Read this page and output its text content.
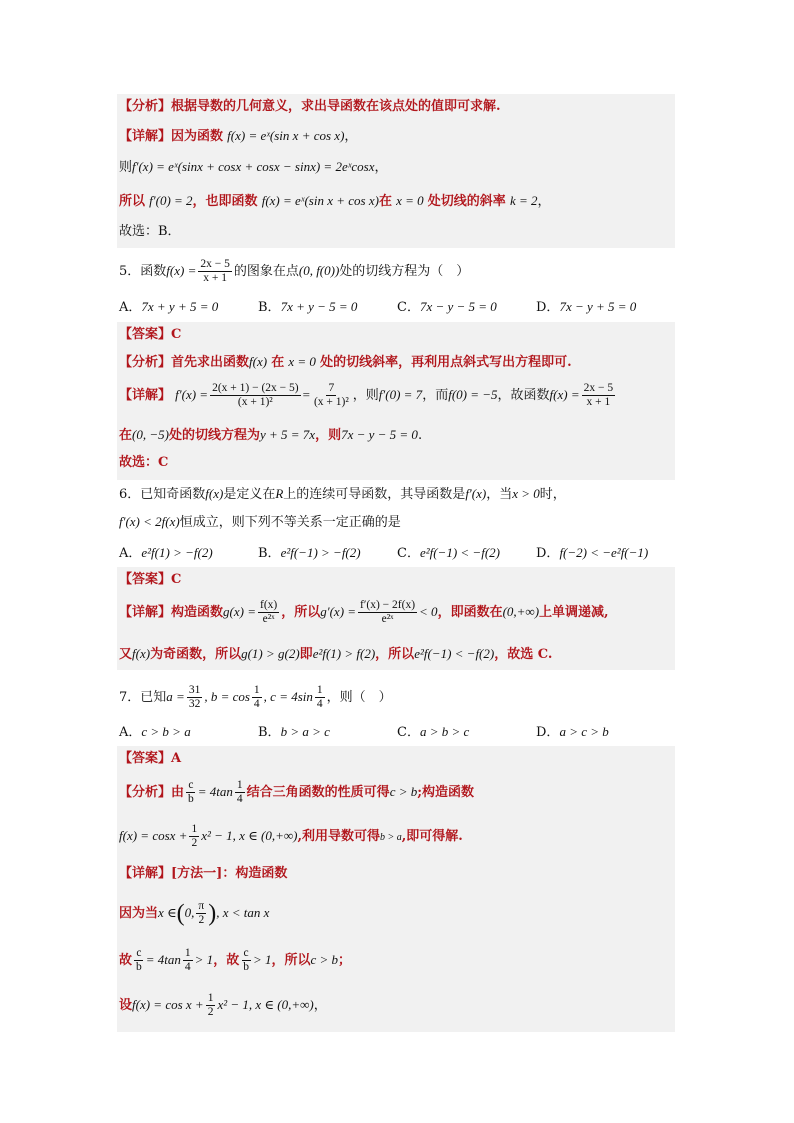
【分析】根据导数的几何意义，求出导函数在该点处的值即可求解.
【详解】因为函数 f(x) = eˣ(sin x + cos x)，
则f′(x) = eˣ(sinx + cosx + cosx − sinx) = 2eˣcosx，
所以 f′(0) = 2，也即函数 f(x) = eˣ(sin x + cos x)在 x = 0 处切线的斜率 k = 2，
故选：B．
5．函数$f(x) = \frac{2x - 5}{x + 1}$ 的图象在点(0, f(0))处的切线方程为（　）
A．7x + y + 5 = 0	B．7x + y − 5 = 0	C．7x − y − 5 = 0	D．7x − y + 5 = 0
【答案】C
【分析】首先求出函数f(x) 在 x = 0 处的切线斜率，再利用点斜式写出方程即可.
【详解】 $f'(x) = \frac{2(x + 1) - (2x - 5)}{\text{(x + 1)²}} = \frac{7}{\text{(x + 1)²}}$ ，则f′(0) = 7，而f(0) = −5，故函数$f(x) = \frac{2x - 5}{x + 1}$
在(0, −5)处的切线方程为y + 5 = 7x，则7x − y − 5 = 0.
故选：C
6．已知奇函数f(x)是定义在R上的连续可导函数，其导函数是f′(x)，当x > 0时，
f′(x) < 2f(x)恒成立，则下列不等关系一定正确的是
A．e²f(1) > −f(2)	B．e²f(−1) > −f(2)	C．e²f(−1) < −f(2)	D．f(−2) < −e²f(−1)
【答案】C
【详解】构造函数$g(x) = \frac{f(x)}{\text{e²ˣ}}$ ，所以$g'(x) = \frac{f'(x) - 2f(x)}{\text{e²ˣ}} < 0$，即函数在(0,+∞)上单调递减,
又f(x)为奇函数，所以g(1) > g(2)即e²f(1) > f(2)，所以e²f(−1) < −f(2)，故选 C.
7．已知$a = \frac{31}{32}$ , $b = \cos \frac{1}{4}$ , $c = 4\sin \frac{1}{4}$ ，则（　）
A．c > b > a	B．b > a > c	C．a > b > c	D．a > c > b
【答案】A
【分析】由 $\frac{c}{b} = 4\tan \frac{1}{4}$ 结合三角函数的性质可得c > b;构造函数
$f(x) = \cos x + \frac{1}{2} x^2 - 1$, x ∈ (0,+∞),利用导数可得b > a,即可得解.
【详解】[方法一]：构造函数
因为当x ∈(0, $\frac{\pi}{2}$ ), x < tan x
故 $\frac{c}{b} = 4\tan \frac{1}{4} > 1$，故 $\frac{c}{b} > 1$，所以c > b；
设$f(x) = \cos x + \frac{1}{2} x^2 - 1$, x ∈ (0,+∞)，
